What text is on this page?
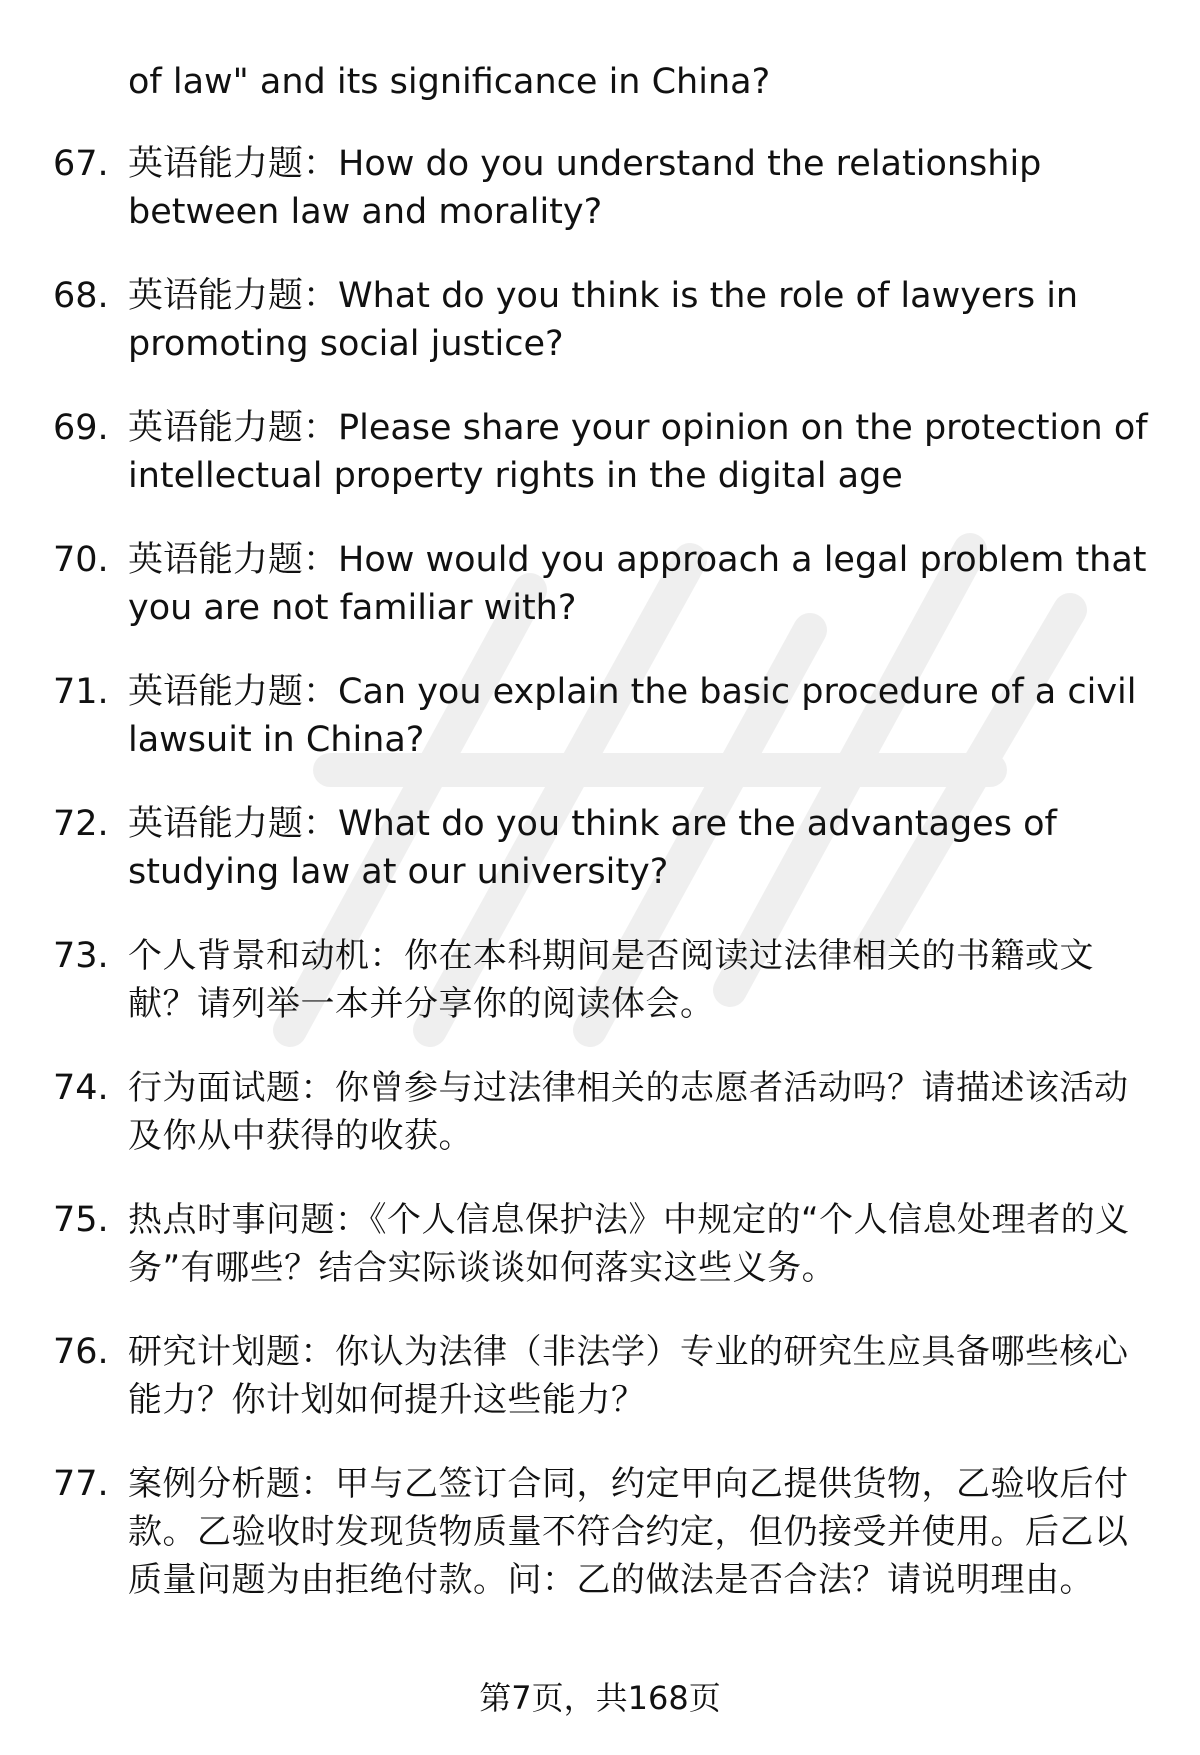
of law" and its significance in China?
67. 英语能力题：How do you understand the relationship between law and morality?
68. 英语能力题：What do you think is the role of lawyers in promoting social justice?
69. 英语能力题：Please share your opinion on the protection of intellectual property rights in the digital age
70. 英语能力题：How would you approach a legal problem that you are not familiar with?
71. 英语能力题：Can you explain the basic procedure of a civil lawsuit in China?
72. 英语能力题：What do you think are the advantages of studying law at our university?
73. 个人背景和动机：你在本科期间是否阅读过法律相关的书籍或文献？请列举一本并分享你的阅读体会。
74. 行为面试题：你曾参与过法律相关的志愿者活动吗？请描述该活动及你从中获得的收获。
75. 热点时事问题：《个人信息保护法》中规定的“个人信息处理者的义务”有哪些？结合实际谈谈如何落实这些义务。
76. 研究计划题：你认为法律（非法学）专业的研究生应具备哪些核心能力？你计划如何提升这些能力？
77. 案例分析题：甲与乙签订合同，约定甲向乙提供货物，乙验收后付款。乙验收时发现货物质量不符合约定，但仍接受并使用。后乙以质量问题为由拒绝付款。问：乙的做法是否合法？请说明理由。
第7页，共168页
